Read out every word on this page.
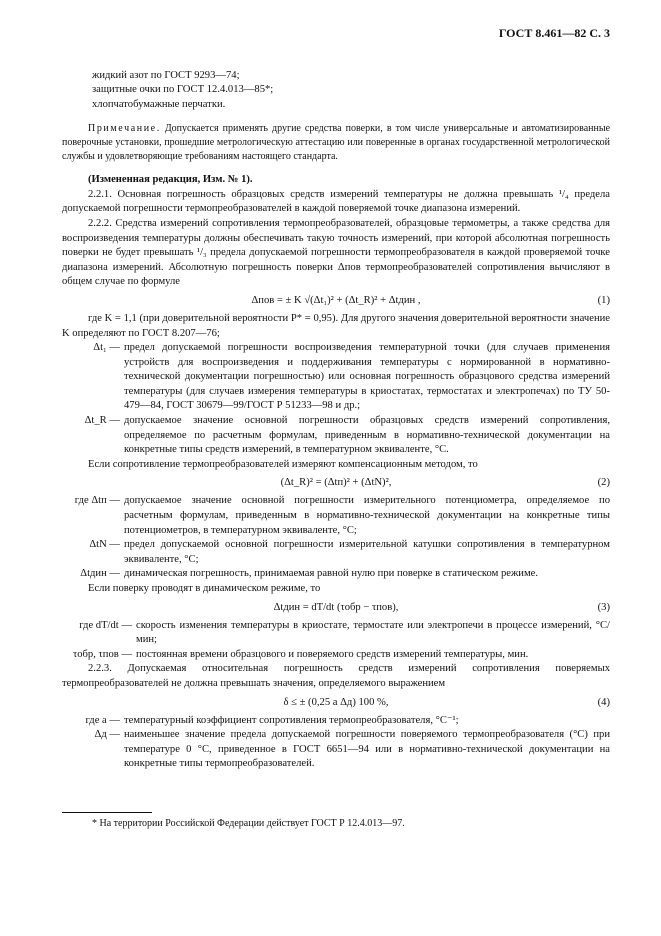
ГОСТ 8.461—82 С. 3

жидкий азот по ГОСТ 9293—74;

защитные очки по ГОСТ 12.4.013—85*;

хлопчатобумажные перчатки.

Примечание. Допускается применять другие средства поверки, в том числе универсальные и автоматизированные поверочные установки, прошедшие метрологическую аттестацию или поверенные в органах государственной метрологической службы и удовлетворяющие требованиям настоящего стандарта.

(Измененная редакция, Изм. № 1).

2.2.1. Основная погрешность образцовых средств измерений температуры не должна превышать ¹/₄ предела допускаемой погрешности термопреобразователей в каждой поверяемой точке диапазона измерений.

2.2.2. Средства измерений сопротивления термопреобразователей, образцовые термометры, а также средства для воспроизведения температуры должны обеспечивать такую точность измерений, при которой абсолютная погрешность поверки не будет превышать ¹/₃ предела допускаемой погрешности термопреобразователя в каждой проверяемой точке диапазона измерений. Абсолютную погрешность поверки Δпов термопреобразователей сопротивления вычисляют в общем случае по формуле

Δпов = ± K √(Δt₁)² + (Δt_R)² + Δtдин ,	(1)

где K = 1,1 (при доверительной вероятности P* = 0,95). Для другого значения доверительной вероятности значение K определяют по ГОСТ 8.207—76;

Δt₁ — предел допускаемой погрешности воспроизведения температурной точки (для случаев применения устройств для воспроизведения и поддерживания температуры с нормированной в нормативно-технической документации погрешностью) или основная погрешность образцового средства измерений температуры (для случаев измерения температуры в криостатах, термостатах и электропечах) по ТУ 50-479—84, ГОСТ 30679—99/ГОСТ Р 51233—98 и др.;
Δt_R — допускаемое значение основной погрешности образцовых средств измерений сопротивления, определяемое по расчетным формулам, приведенным в нормативно-технической документации на конкретные типы средств измерений, в температурном эквиваленте, °С.

Если сопротивление термопреобразователей измеряют компенсационным методом, то

(Δt_R)² = (Δtп)² + (ΔtN)²,	(2)
где Δtп — допускаемое значение основной погрешности измерительного потенциометра, определяемое по расчетным формулам, приведенным в нормативно-технической документации на конкретные типы потенциометров, в температурном эквиваленте, °С;
ΔtN — предел допускаемой основной погрешности измерительной катушки сопротивления в температурном эквиваленте, °С;
Δtдин — динамическая погрешность, принимаемая равной нулю при поверке в статическом режиме.

Если поверку проводят в динамическом режиме, то

Δtдин = dT/dt (τобр − τпов),	(3)
где dT/dt — скорость изменения температуры в криостате, термостате или электропечи в процессе измерений, °С/мин;
τобр, τпов — постоянная времени образцового и поверяемого средств измерений температуры, мин.

2.2.3. Допускаемая относительная погрешность средств измерений сопротивления поверяемых термопреобразователей не должна превышать значения, определяемого выражением

δ ≤ ± (0,25 a Δд) 100 %,	(4)
где a — температурный коэффициент сопротивления термопреобразователя, °С⁻¹;
Δд — наименьшее значение предела допускаемой погрешности поверяемого термопреобразователя (°С) при температуре 0 °С, приведенное в ГОСТ 6651—94 или в нормативно-технической документации на конкретные типы термопреобразователей.
* На территории Российской Федерации действует ГОСТ Р 12.4.013—97.
